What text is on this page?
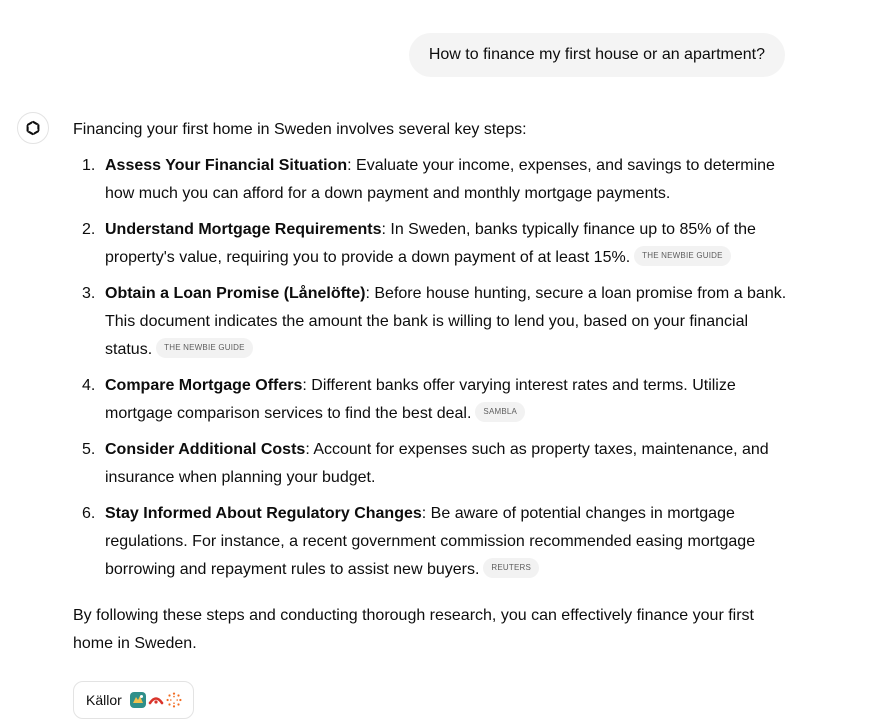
How to finance my first house or an apartment?

Financing your first home in Sweden involves several key steps:

1. Assess Your Financial Situation: Evaluate your income, expenses, and savings to determine how much you can afford for a down payment and monthly mortgage payments.
2. Understand Mortgage Requirements: In Sweden, banks typically finance up to 85% of the property's value, requiring you to provide a down payment of at least 15%. THE NEWBIE GUIDE
3. Obtain a Loan Promise (Lånelöfte): Before house hunting, secure a loan promise from a bank. This document indicates the amount the bank is willing to lend you, based on your financial status. THE NEWBIE GUIDE
4. Compare Mortgage Offers: Different banks offer varying interest rates and terms. Utilize mortgage comparison services to find the best deal. SAMBLA
5. Consider Additional Costs: Account for expenses such as property taxes, maintenance, and insurance when planning your budget.
6. Stay Informed About Regulatory Changes: Be aware of potential changes in mortgage regulations. For instance, a recent government commission recommended easing mortgage borrowing and repayment rules to assist new buyers. REUTERS

By following these steps and conducting thorough research, you can effectively finance your first home in Sweden.

Källor
